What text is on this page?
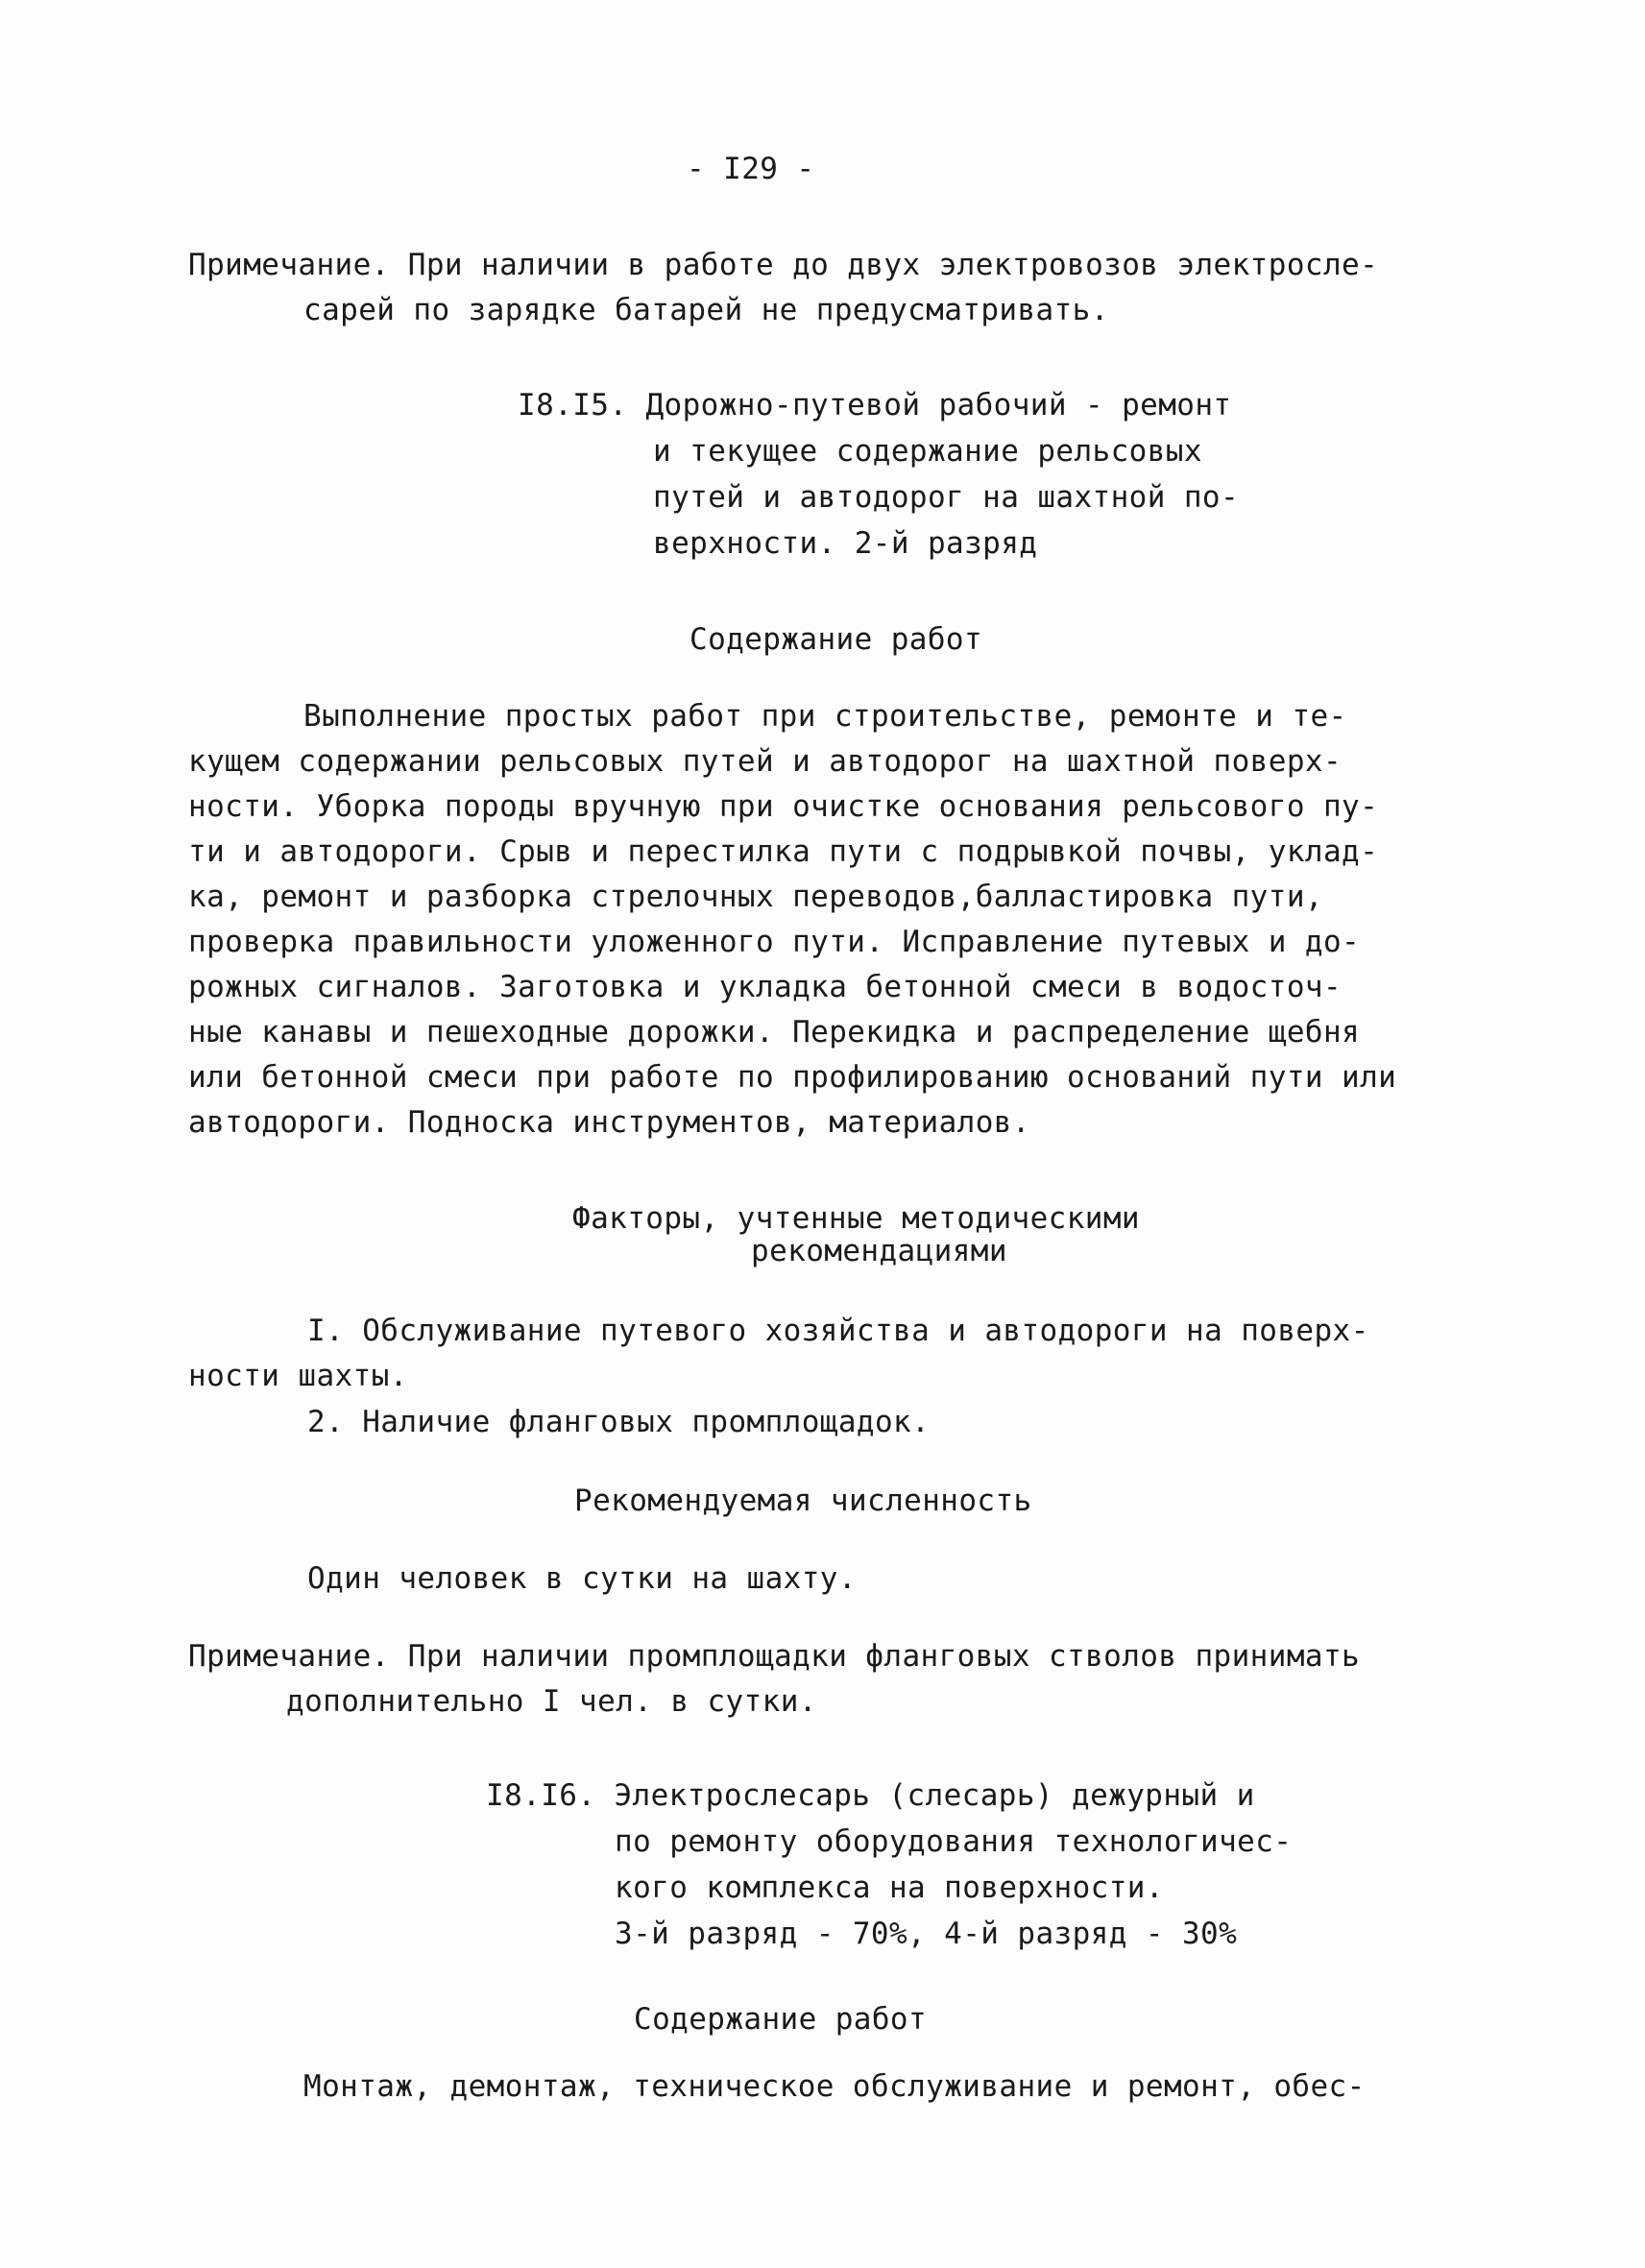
- I29 -
Примечание. При наличии в работе до двух электровозов электросле-
сарей по зарядке батарей не предусматривать.
I8.I5. Дорожно-путевой рабочий - ремонт
и текущее содержание рельсовых
путей и автодорог на шахтной по-
верхности. 2-й разряд
Содержание работ
Выполнение простых работ при строительстве, ремонте и те-
кущем содержании рельсовых путей и автодорог на шахтной поверх-
ности. Уборка породы вручную при очистке основания рельсового пу-
ти и автодороги. Срыв и перестилка пути с подрывкой почвы, уклад-
ка, ремонт и разборка стрелочных переводов,балластировка пути,
проверка правильности уложенного пути. Исправление путевых и до-
рожных сигналов. Заготовка и укладка бетонной смеси в водосточ-
ные канавы и пешеходные дорожки. Перекидка и распределение щебня
или бетонной смеси при работе по профилированию оснований пути или
автодороги. Подноска инструментов, материалов.
Факторы, учтенные методическими
рекомендациями
I. Обслуживание путевого хозяйства и автодороги на поверх-
ности шахты.
2. Наличие фланговых промплощадок.
Рекомендуемая численность
Один человек в сутки на шахту.
Примечание. При наличии промплощадки фланговых стволов принимать
дополнительно I чел. в сутки.
I8.I6. Электрослесарь (слесарь) дежурный и
по ремонту оборудования технологичес-
кого комплекса на поверхности.
3-й разряд - 70%, 4-й разряд - 30%
Содержание работ
Монтаж, демонтаж, техническое обслуживание и ремонт, обес-
